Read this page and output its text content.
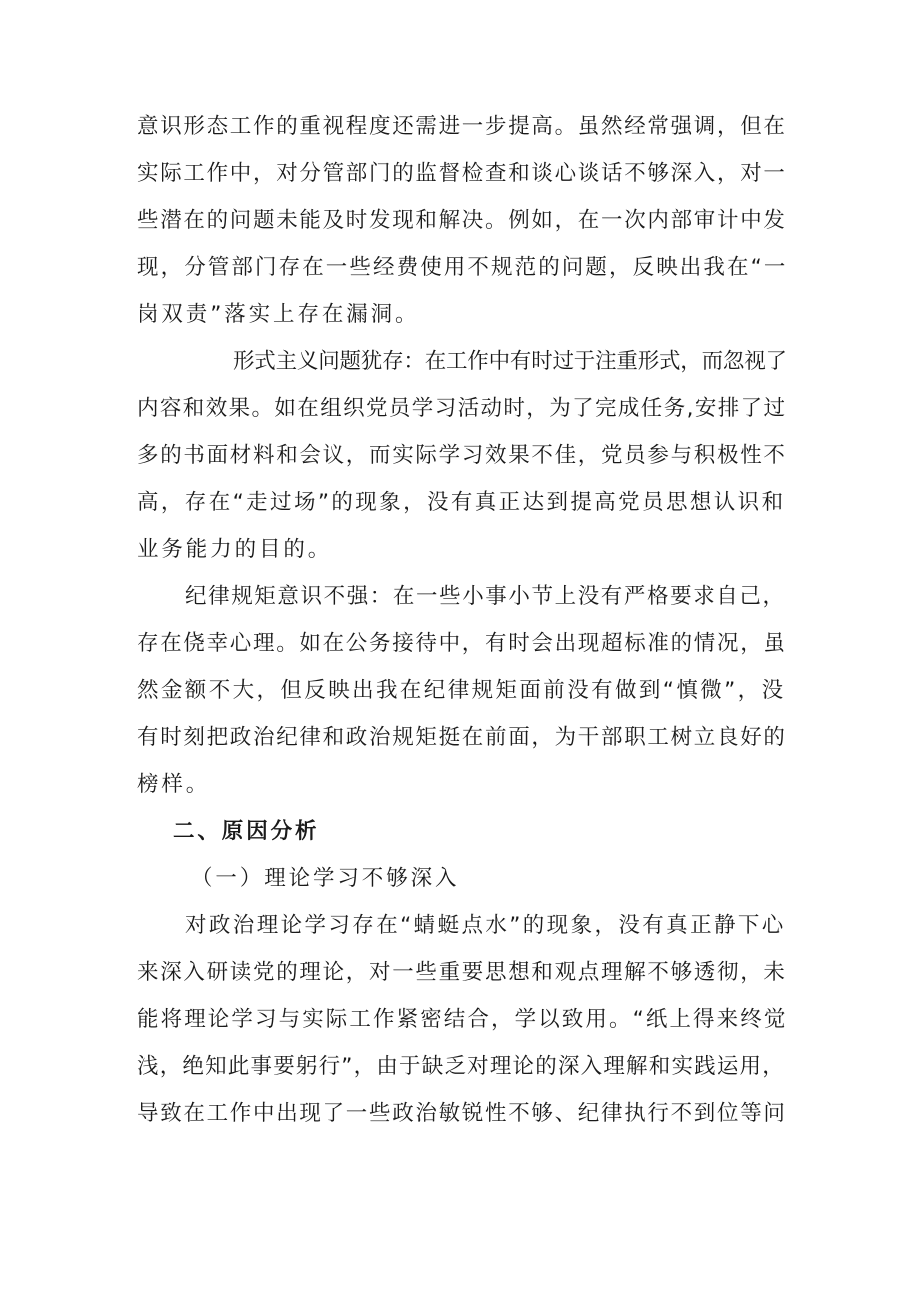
意识形态工作的重视程度还需进一步提高。虽然经常强调，但在
实际工作中，对分管部门的监督检查和谈心谈话不够深入，对一
些潜在的问题未能及时发现和解决。例如，在一次内部审计中发
现，分管部门存在一些经费使用不规范的问题，反映出我在“一
岗双责”落实上存在漏洞。

形式主义问题犹存：在工作中有时过于注重形式，而忽视了
内容和效果。如在组织党员学习活动时，为了完成任务,安排了过
多的书面材料和会议，而实际学习效果不佳，党员参与积极性不
高，存在“走过场”的现象，没有真正达到提高党员思想认识和
业务能力的目的。

纪律规矩意识不强：在一些小事小节上没有严格要求自己，
存在侥幸心理。如在公务接待中，有时会出现超标准的情况，虽
然金额不大，但反映出我在纪律规矩面前没有做到“慎微”，没
有时刻把政治纪律和政治规矩挺在前面，为干部职工树立良好的
榜样。

二、原因分析

（一）理论学习不够深入

对政治理论学习存在“蜻蜓点水”的现象，没有真正静下心
来深入研读党的理论，对一些重要思想和观点理解不够透彻，未
能将理论学习与实际工作紧密结合，学以致用。“纸上得来终觉
浅，绝知此事要躬行”，由于缺乏对理论的深入理解和实践运用，
导致在工作中出现了一些政治敏锐性不够、纪律执行不到位等问
